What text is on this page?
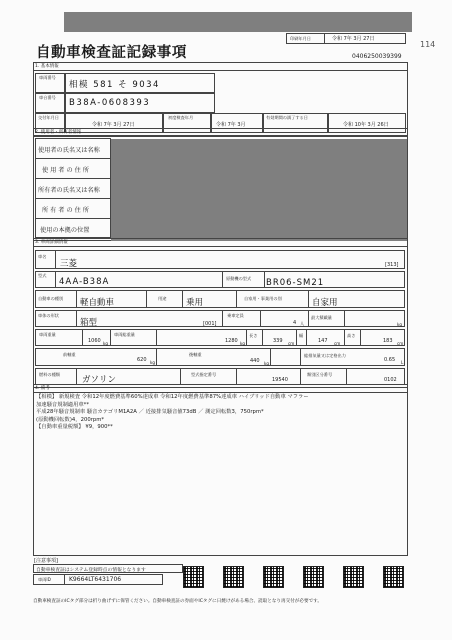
印刷年月日	令和 7年 3月 27日
114
自動車検査証記録事項	0406250039399
1. 基本情報
車両番号
相模 581 そ 9034
車台番号
B38A-0608393
交付年月日
令和 7年 3月 27日
初度検査年月
令和 7年 3月
有効期間の満了する日
令和 10年 3月 26日
2. 使用者・所有者情報
使用者の氏名又は名称
使 用 者 の 住 所
所有者の氏名又は名称
所 有 者 の 住 所
使用の本拠の位置
3. 車両詳細情報
車名
三菱	[313]
型式
4AA-B38A	原動機の型式 BR06-SM21
自動車の種別 軽自動車	用途 乗用	自家用・事業用の別	自家用
車体の形状
箱型	[001]
乗車定員
4 人
最大積載量
kg
車両重量
1060 kg
車両総重量
1280 kg
長さ
339 cm
幅
147 cm
高さ
183 cm
前軸重
620 kg
後軸重
440 kg
総排気量又は定格出力
0.65 L
燃料の種類
ガソリン
型式指定番号
19540
類別区分番号
0102
4. 備考
【相模】 新規検査 令和12年度燃費基準60%達成車 令和12年度燃費基準87%達成車 ハイブリッド自動車 マフラー
加速騒音規制適用車**
平成28年騒音規制車 騒音カテゴリM1A2A ／ 近接排気騒音値73dB ／ 測定回転数3，750rpm*
(原動機回転数)4，200rpm*
【自動車重量税額】 ¥9，900**
[注意事項]
自動車検査証はシステム登録時点の情報となります
車両ID	K9664LT6431706
自動車検査証のICタグ部分は折り曲げずに保管ください。自動車検査証の券面やICタグに日焼けがある場合、読取となり再交付が必要です。
